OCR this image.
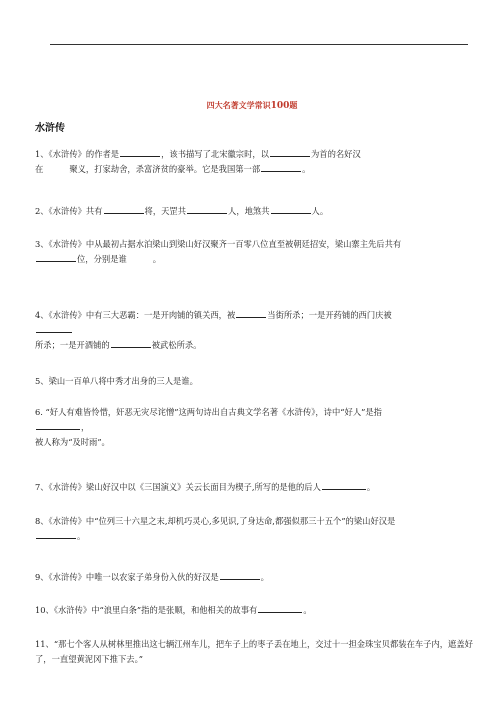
四大名著文学常识100题
水浒传
1、《水浒传》的作者是	，该书描写了北宋徽宗时，以	为首的名好汉
在	聚义，打家劫舍，杀富济贫的豪举。它是我国第一部	。
2、《水浒传》共有	将，天罡共	人，地煞共	人。
3、《水浒传》中从最初占据水泊梁山到梁山好汉聚齐一百零八位直至被朝廷招安，梁山寨主先后共有
位，分别是谁	。
4、《水浒传》中有三大恶霸：一是开肉铺的镇关西，被	当街所杀；一是开药铺的西门庆被

所杀；一是开酒铺的	被武松所杀。
5、梁山一百单八将中秀才出身的三人是谁。
6. “好人有难皆怜惜，奸恶无灾尽诧憎”这两句诗出自古典文学名著《水浒传》，诗中“好人”是指
，
被人称为“及时雨”。
7、《水浒传》梁山好汉中以《三国演义》关云长面目为楔子,所写的是他的后人	。
8、《水浒传》中“位列三十六星之末,却机巧灵心,多见识,了身达命,都强似那三十五个”的梁山好汉是
。
9、《水浒传》中唯一以农家子弟身份入伙的好汉是	。
10、《水浒传》中“浪里白条”指的是张顺，和他相关的故事有	。
11、“那七个客人从树林里推出这七辆江州车儿，把车子上的枣子丢在地上，交过十一担金珠宝贝都装在车子内，遮盖好了，一直望黄泥冈下推下去。”
